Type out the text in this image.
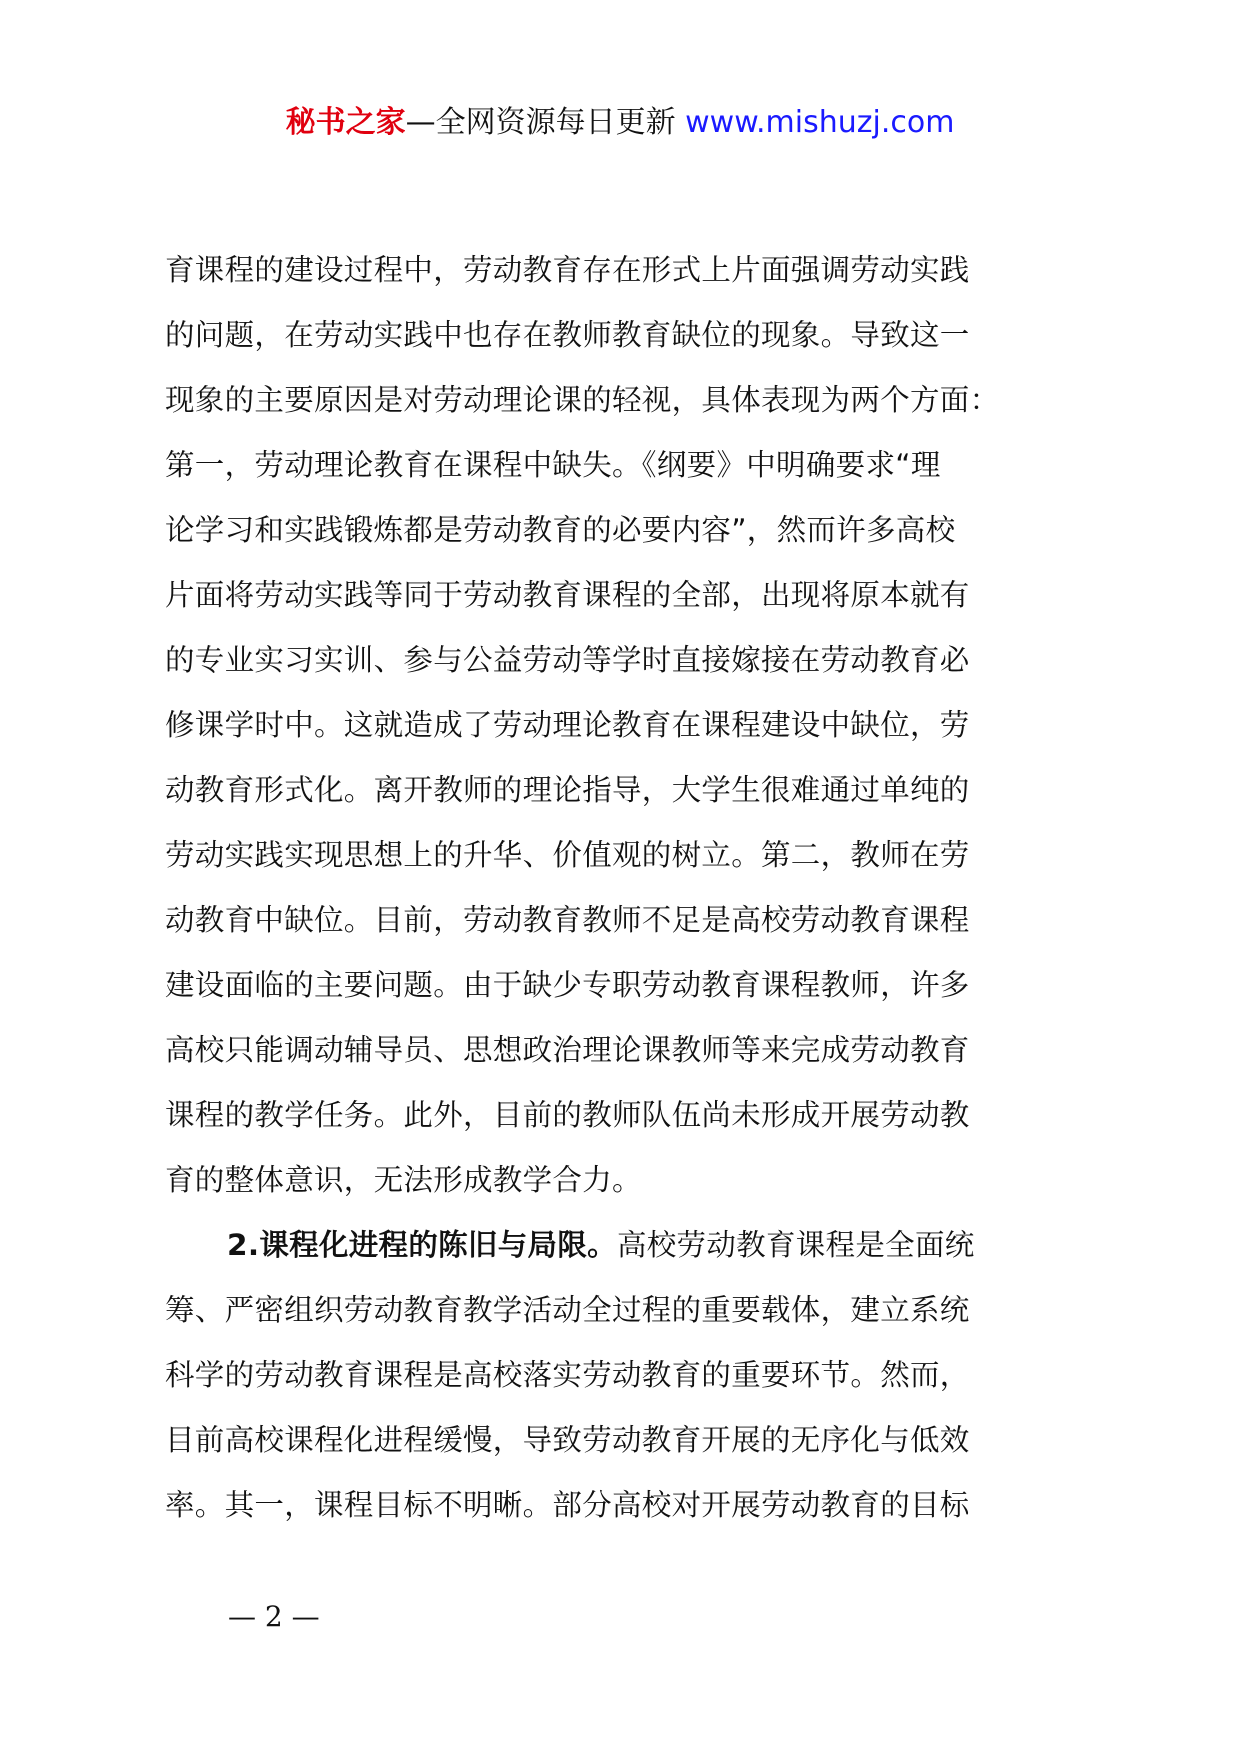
秘书之家—全网资源每日更新 www.mishuzj.com
育课程的建设过程中，劳动教育存在形式上片面强调劳动实践
的问题，在劳动实践中也存在教师教育缺位的现象。导致这一
现象的主要原因是对劳动理论课的轻视，具体表现为两个方面：
第一，劳动理论教育在课程中缺失。《纲要》中明确要求“理
论学习和实践锻炼都是劳动教育的必要内容”，然而许多高校
片面将劳动实践等同于劳动教育课程的全部，出现将原本就有
的专业实习实训、参与公益劳动等学时直接嫁接在劳动教育必
修课学时中。这就造成了劳动理论教育在课程建设中缺位，劳
动教育形式化。离开教师的理论指导，大学生很难通过单纯的
劳动实践实现思想上的升华、价值观的树立。第二，教师在劳
动教育中缺位。目前，劳动教育教师不足是高校劳动教育课程
建设面临的主要问题。由于缺少专职劳动教育课程教师，许多
高校只能调动辅导员、思想政治理论课教师等来完成劳动教育
课程的教学任务。此外，目前的教师队伍尚未形成开展劳动教
育的整体意识，无法形成教学合力。
2.课程化进程的陈旧与局限。高校劳动教育课程是全面统
筹、严密组织劳动教育教学活动全过程的重要载体，建立系统
科学的劳动教育课程是高校落实劳动教育的重要环节。然而，
目前高校课程化进程缓慢，导致劳动教育开展的无序化与低效
率。其一，课程目标不明晰。部分高校对开展劳动教育的目标
— 2 —
